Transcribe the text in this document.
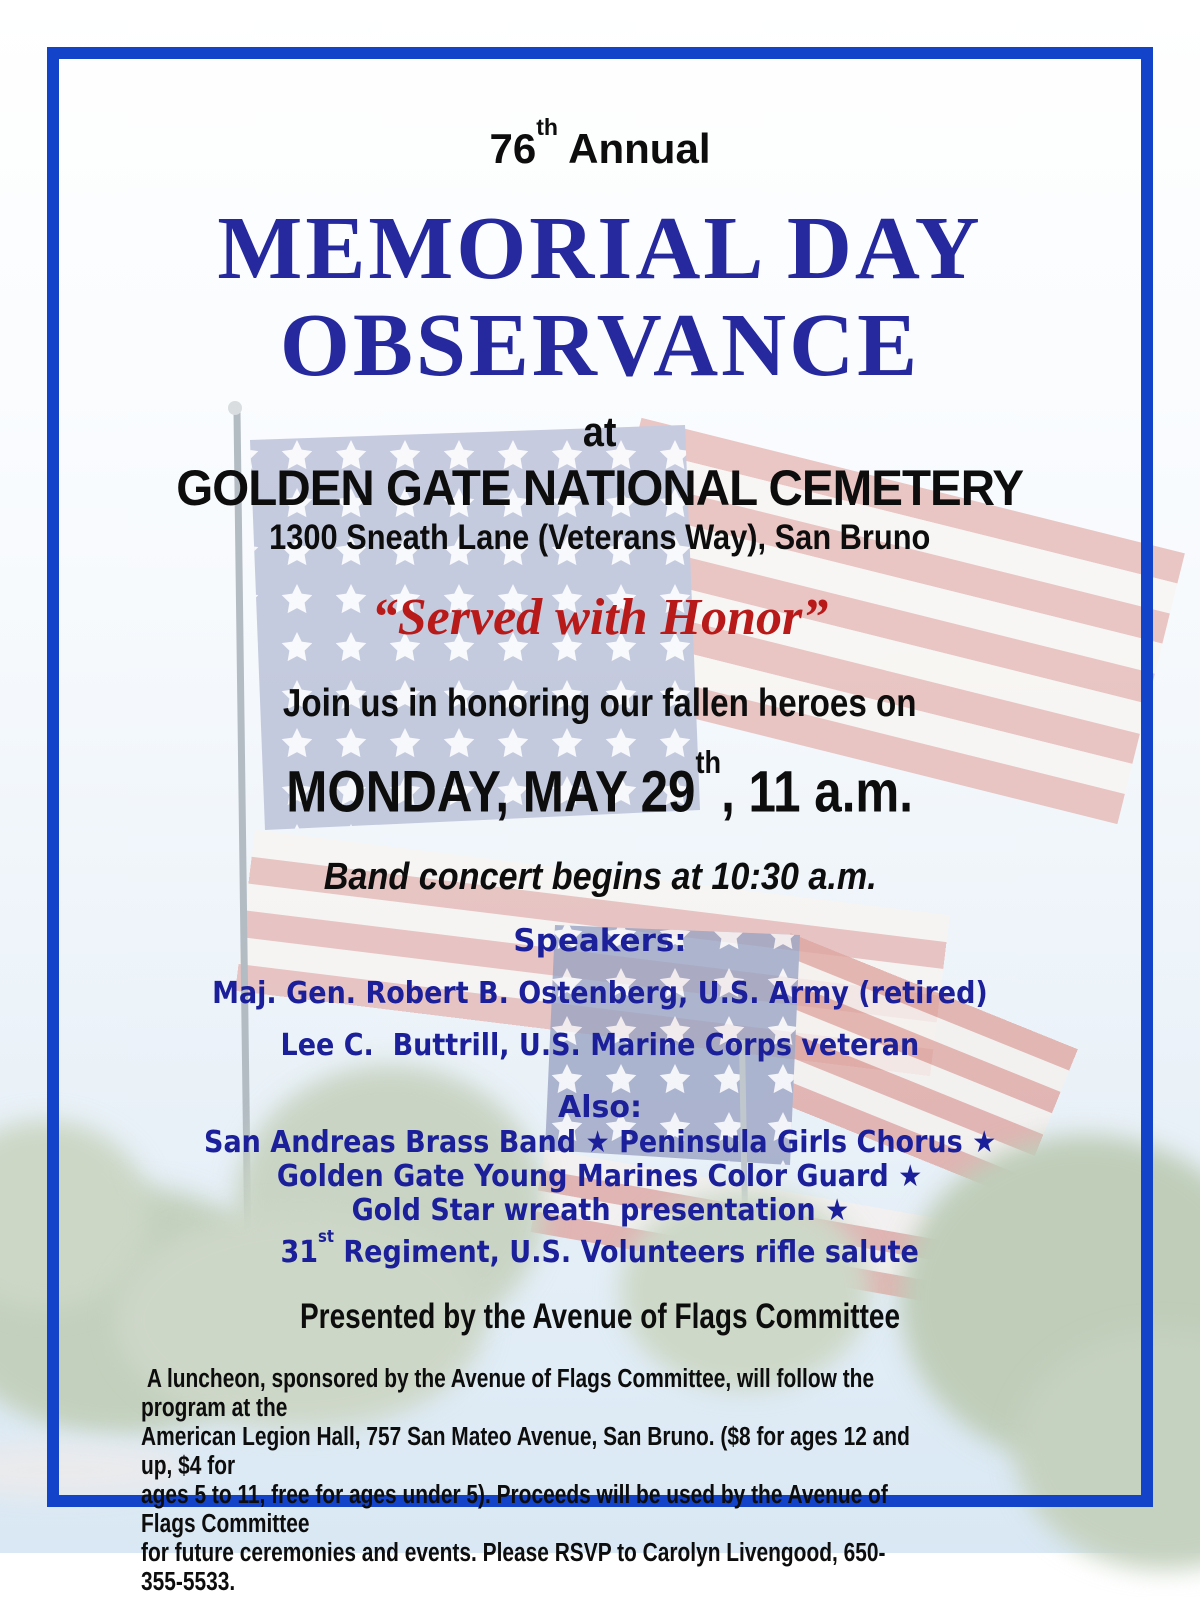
76th Annual
MEMORIAL DAY
OBSERVANCE
at
GOLDEN GATE NATIONAL CEMETERY
1300 Sneath Lane (Veterans Way), San Bruno
“Served with Honor”
Join us in honoring our fallen heroes on
MONDAY, MAY 29th, 11 a.m.
Band concert begins at 10:30 a.m.
Speakers:
Maj. Gen. Robert B. Ostenberg, U.S. Army (retired)
Lee C.  Buttrill, U.S. Marine Corps veteran
Also:
San Andreas Brass Band ★ Peninsula Girls Chorus ★
Golden Gate Young Marines Color Guard ★
Gold Star wreath presentation ★
31st Regiment, U.S. Volunteers rifle salute
Presented by the Avenue of Flags Committee
A luncheon, sponsored by the Avenue of Flags Committee, will follow the program at the
American Legion Hall, 757 San Mateo Avenue, San Bruno. ($8 for ages 12 and up, $4 for
ages 5 to 11, free for ages under 5). Proceeds will be used by the Avenue of Flags Committee
for future ceremonies and events. Please RSVP to Carolyn Livengood, 650-355-5533.
